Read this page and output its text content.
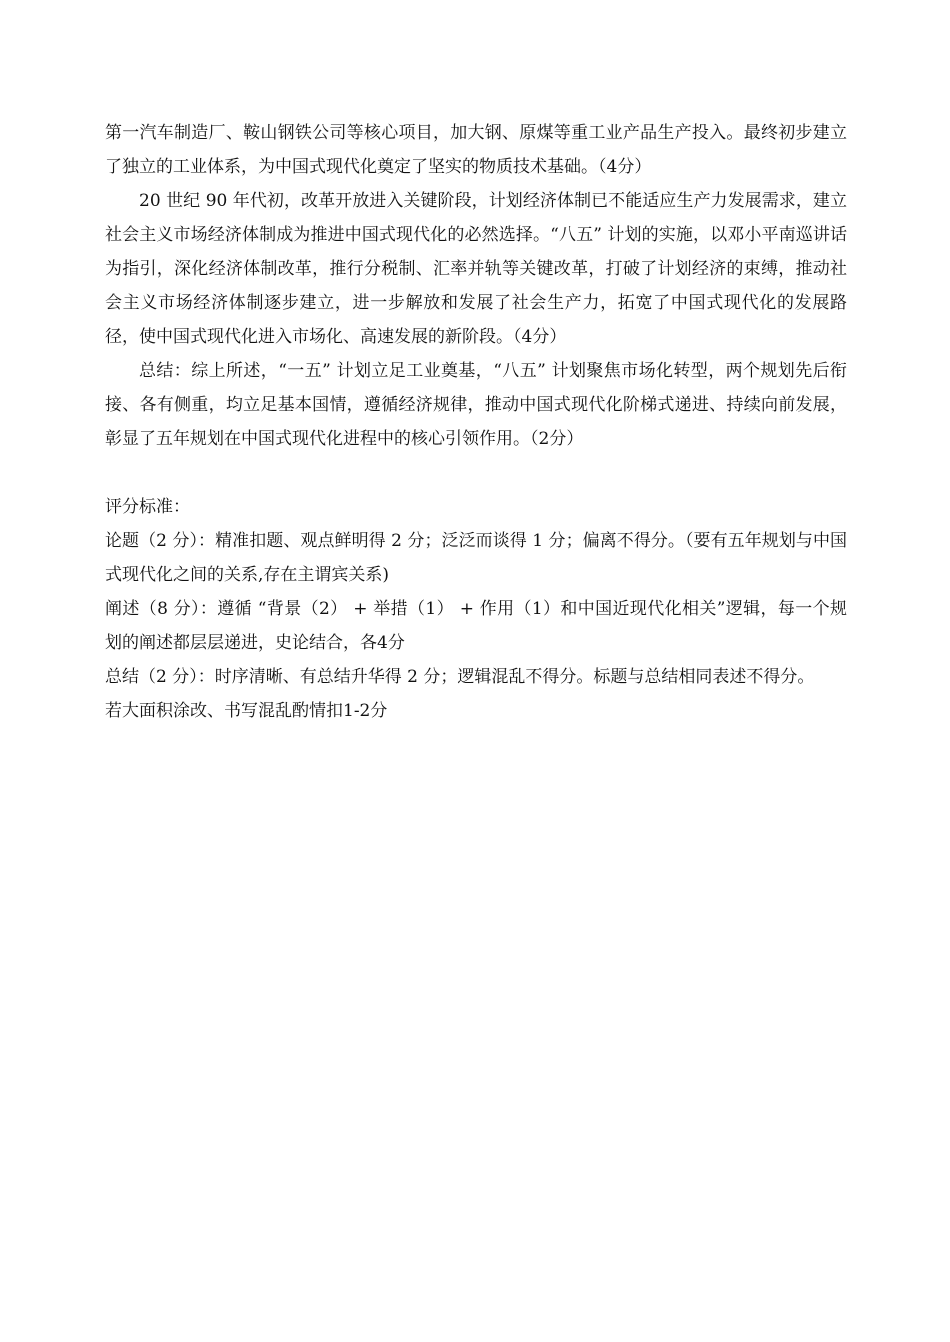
第一汽车制造厂、鞍山钢铁公司等核心项目，加大钢、原煤等重工业产品生产投入。最终初步建立了独立的工业体系，为中国式现代化奠定了坚实的物质技术基础。（4分）

20 世纪 90 年代初，改革开放进入关键阶段，计划经济体制已不能适应生产力发展需求，建立社会主义市场经济体制成为推进中国式现代化的必然选择。“八五” 计划的实施，以邓小平南巡讲话为指引，深化经济体制改革，推行分税制、汇率并轨等关键改革，打破了计划经济的束缚，推动社会主义市场经济体制逐步建立，进一步解放和发展了社会生产力，拓宽了中国式现代化的发展路径，使中国式现代化进入市场化、高速发展的新阶段。（4分）

总结：综上所述，“一五” 计划立足工业奠基，“八五” 计划聚焦市场化转型，两个规划先后衔接、各有侧重，均立足基本国情，遵循经济规律，推动中国式现代化阶梯式递进、持续向前发展，彰显了五年规划在中国式现代化进程中的核心引领作用。（2分）

评分标准：

论题（2 分）：精准扣题、观点鲜明得 2 分；泛泛而谈得 1 分；偏离不得分。（要有五年规划与中国式现代化之间的关系,存在主谓宾关系)

阐述（8 分）：遵循 “背景（2） + 举措（1） + 作用（1）和中国近现代化相关”逻辑，每一个规划的阐述都层层递进，史论结合，各4分

总结（2 分）：时序清晰、有总结升华得 2 分；逻辑混乱不得分。标题与总结相同表述不得分。

若大面积涂改、书写混乱酌情扣1-2分
